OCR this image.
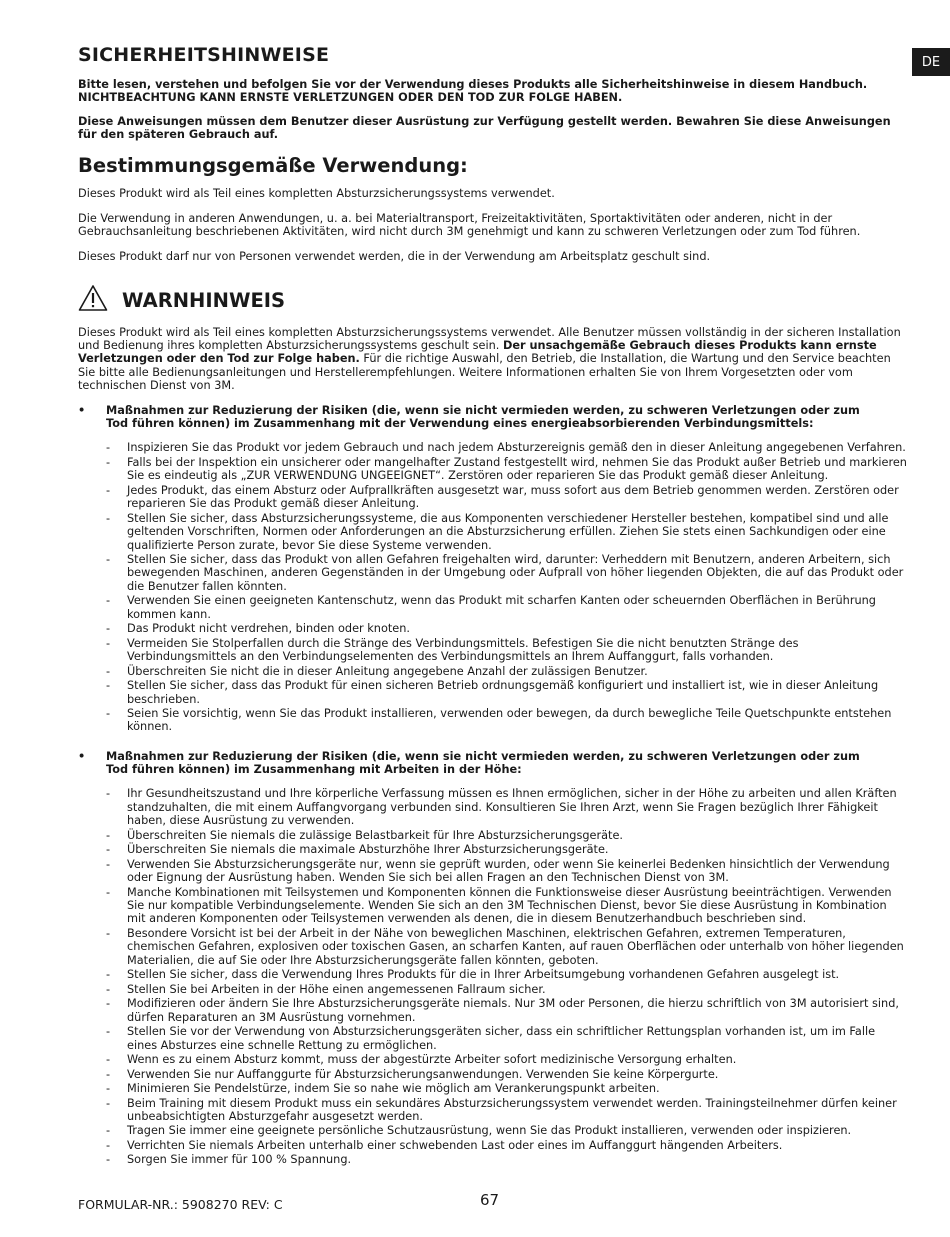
DE
SICHERHEITSHINWEISE

Bitte lesen, verstehen und befolgen Sie vor der Verwendung dieses Produkts alle Sicherheitshinweise in diesem Handbuch. NICHTBEACHTUNG KANN ERNSTE VERLETZUNGEN ODER DEN TOD ZUR FOLGE HABEN.

Diese Anweisungen müssen dem Benutzer dieser Ausrüstung zur Verfügung gestellt werden. Bewahren Sie diese Anweisungen für den späteren Gebrauch auf.

Bestimmungsgemäße Verwendung:

Dieses Produkt wird als Teil eines kompletten Absturzsicherungssystems verwendet.

Die Verwendung in anderen Anwendungen, u. a. bei Materialtransport, Freizeitaktivitäten, Sportaktivitäten oder anderen, nicht in der Gebrauchsanleitung beschriebenen Aktivitäten, wird nicht durch 3M genehmigt und kann zu schweren Verletzungen oder zum Tod führen.

Dieses Produkt darf nur von Personen verwendet werden, die in der Verwendung am Arbeitsplatz geschult sind.

WARNHINWEIS

Dieses Produkt wird als Teil eines kompletten Absturzsicherungssystems verwendet. Alle Benutzer müssen vollständig in der sicheren Installation und Bedienung ihres kompletten Absturzsicherungssystems geschult sein. Der unsachgemäße Gebrauch dieses Produkts kann ernste Verletzungen oder den Tod zur Folge haben. Für die richtige Auswahl, den Betrieb, die Installation, die Wartung und den Service beachten Sie bitte alle Bedienungsanleitungen und Herstellerempfehlungen. Weitere Informationen erhalten Sie von Ihrem Vorgesetzten oder vom technischen Dienst von 3M.

• Maßnahmen zur Reduzierung der Risiken (die, wenn sie nicht vermieden werden, zu schweren Verletzungen oder zum Tod führen können) im Zusammenhang mit der Verwendung eines energieabsorbierenden Verbindungsmittels:
- Inspizieren Sie das Produkt vor jedem Gebrauch und nach jedem Absturzereignis gemäß den in dieser Anleitung angegebenen Verfahren.
- Falls bei der Inspektion ein unsicherer oder mangelhafter Zustand festgestellt wird, nehmen Sie das Produkt außer Betrieb und markieren Sie es eindeutig als „ZUR VERWENDUNG UNGEEIGNET“. Zerstören oder reparieren Sie das Produkt gemäß dieser Anleitung.
- Jedes Produkt, das einem Absturz oder Aufprallkräften ausgesetzt war, muss sofort aus dem Betrieb genommen werden. Zerstören oder reparieren Sie das Produkt gemäß dieser Anleitung.
- Stellen Sie sicher, dass Absturzsicherungssysteme, die aus Komponenten verschiedener Hersteller bestehen, kompatibel sind und alle geltenden Vorschriften, Normen oder Anforderungen an die Absturzsicherung erfüllen. Ziehen Sie stets einen Sachkundigen oder eine qualifizierte Person zurate, bevor Sie diese Systeme verwenden.
- Stellen Sie sicher, dass das Produkt von allen Gefahren freigehalten wird, darunter: Verheddern mit Benutzern, anderen Arbeitern, sich bewegenden Maschinen, anderen Gegenständen in der Umgebung oder Aufprall von höher liegenden Objekten, die auf das Produkt oder die Benutzer fallen könnten.
- Verwenden Sie einen geeigneten Kantenschutz, wenn das Produkt mit scharfen Kanten oder scheuernden Oberflächen in Berührung kommen kann.
- Das Produkt nicht verdrehen, binden oder knoten.
- Vermeiden Sie Stolperfallen durch die Stränge des Verbindungsmittels. Befestigen Sie die nicht benutzten Stränge des Verbindungsmittels an den Verbindungselementen des Verbindungsmittels an Ihrem Auffanggurt, falls vorhanden.
- Überschreiten Sie nicht die in dieser Anleitung angegebene Anzahl der zulässigen Benutzer.
- Stellen Sie sicher, dass das Produkt für einen sicheren Betrieb ordnungsgemäß konfiguriert und installiert ist, wie in dieser Anleitung beschrieben.
- Seien Sie vorsichtig, wenn Sie das Produkt installieren, verwenden oder bewegen, da durch bewegliche Teile Quetschpunkte entstehen können.
• Maßnahmen zur Reduzierung der Risiken (die, wenn sie nicht vermieden werden, zu schweren Verletzungen oder zum Tod führen können) im Zusammenhang mit Arbeiten in der Höhe:
- Ihr Gesundheitszustand und Ihre körperliche Verfassung müssen es Ihnen ermöglichen, sicher in der Höhe zu arbeiten und allen Kräften standzuhalten, die mit einem Auffangvorgang verbunden sind. Konsultieren Sie Ihren Arzt, wenn Sie Fragen bezüglich Ihrer Fähigkeit haben, diese Ausrüstung zu verwenden.
- Überschreiten Sie niemals die zulässige Belastbarkeit für Ihre Absturzsicherungsgeräte.
- Überschreiten Sie niemals die maximale Absturzhöhe Ihrer Absturzsicherungsgeräte.
- Verwenden Sie Absturzsicherungsgeräte nur, wenn sie geprüft wurden, oder wenn Sie keinerlei Bedenken hinsichtlich der Verwendung oder Eignung der Ausrüstung haben. Wenden Sie sich bei allen Fragen an den Technischen Dienst von 3M.
- Manche Kombinationen mit Teilsystemen und Komponenten können die Funktionsweise dieser Ausrüstung beeinträchtigen. Verwenden Sie nur kompatible Verbindungselemente. Wenden Sie sich an den 3M Technischen Dienst, bevor Sie diese Ausrüstung in Kombination mit anderen Komponenten oder Teilsystemen verwenden als denen, die in diesem Benutzerhandbuch beschrieben sind.
- Besondere Vorsicht ist bei der Arbeit in der Nähe von beweglichen Maschinen, elektrischen Gefahren, extremen Temperaturen, chemischen Gefahren, explosiven oder toxischen Gasen, an scharfen Kanten, auf rauen Oberflächen oder unterhalb von höher liegenden Materialien, die auf Sie oder Ihre Absturzsicherungsgeräte fallen könnten, geboten.
- Stellen Sie sicher, dass die Verwendung Ihres Produkts für die in Ihrer Arbeitsumgebung vorhandenen Gefahren ausgelegt ist.
- Stellen Sie bei Arbeiten in der Höhe einen angemessenen Fallraum sicher.
- Modifizieren oder ändern Sie Ihre Absturzsicherungsgeräte niemals. Nur 3M oder Personen, die hierzu schriftlich von 3M autorisiert sind, dürfen Reparaturen an 3M Ausrüstung vornehmen.
- Stellen Sie vor der Verwendung von Absturzsicherungsgeräten sicher, dass ein schriftlicher Rettungsplan vorhanden ist, um im Falle eines Absturzes eine schnelle Rettung zu ermöglichen.
- Wenn es zu einem Absturz kommt, muss der abgestürzte Arbeiter sofort medizinische Versorgung erhalten.
- Verwenden Sie nur Auffanggurte für Absturzsicherungsanwendungen. Verwenden Sie keine Körpergurte.
- Minimieren Sie Pendelstürze, indem Sie so nahe wie möglich am Verankerungspunkt arbeiten.
- Beim Training mit diesem Produkt muss ein sekundäres Absturzsicherungssystem verwendet werden. Trainingsteilnehmer dürfen keiner unbeabsichtigten Absturzgefahr ausgesetzt werden.
- Tragen Sie immer eine geeignete persönliche Schutzausrüstung, wenn Sie das Produkt installieren, verwenden oder inspizieren.
- Verrichten Sie niemals Arbeiten unterhalb einer schwebenden Last oder eines im Auffanggurt hängenden Arbeiters.
- Sorgen Sie immer für 100 % Spannung.
FORMULAR-NR.: 5908270 REV: C	67
